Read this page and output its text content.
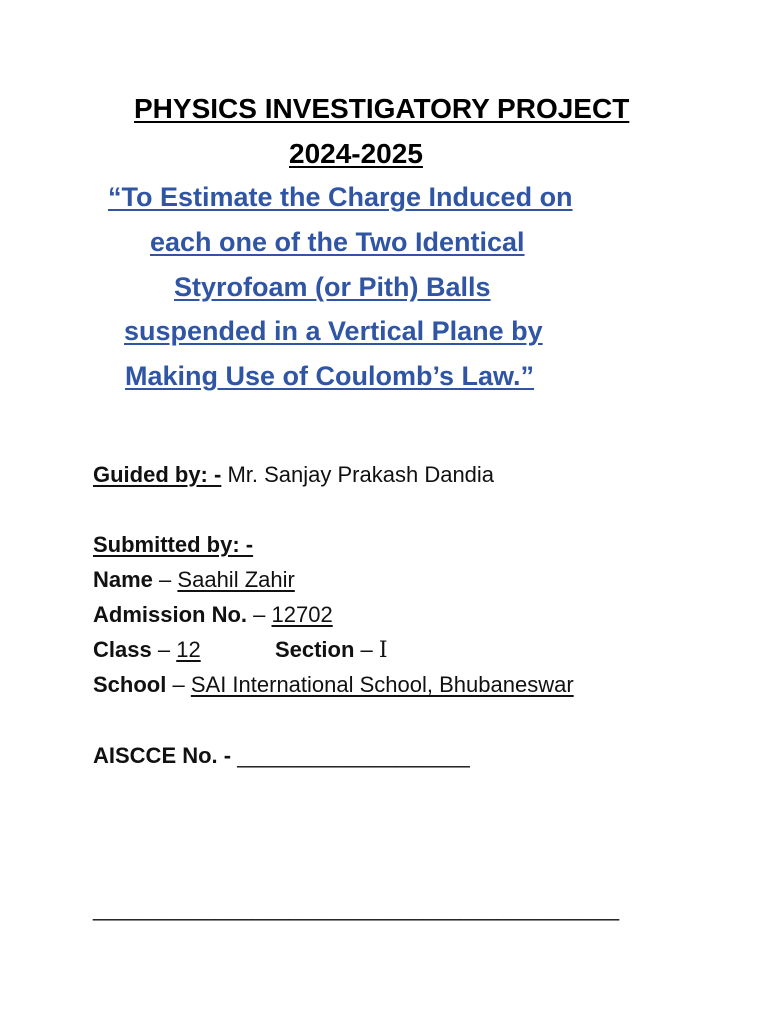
PHYSICS INVESTIGATORY PROJECT
2024-2025
“To Estimate the Charge Induced on
each one of the Two Identical
Styrofoam (or Pith) Balls
suspended in a Vertical Plane by
Making Use of Coulomb’s Law.”
Guided by: - Mr. Sanjay Prakash Dandia
Submitted by: -
Name – Saahil Zahir
Admission No. – 12702
Class – 12	Section – I
School – SAI International School, Bhubaneswar
AISCCE No. - ___________________
___________________________________________
